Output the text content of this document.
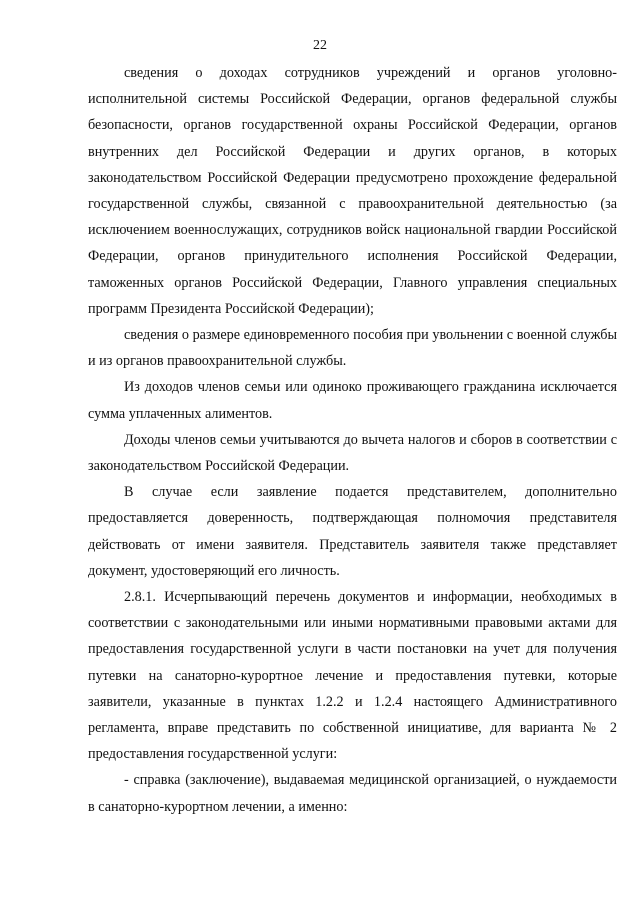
22

сведения о доходах сотрудников учреждений и органов уголовно-исполнительной системы Российской Федерации, органов федеральной службы безопасности, органов государственной охраны Российской Федерации, органов внутренних дел Российской Федерации и других органов, в которых законодательством Российской Федерации предусмотрено прохождение федеральной государственной службы, связанной с правоохранительной деятельностью (за исключением военнослужащих, сотрудников войск национальной гвардии Российской Федерации, органов принудительного исполнения Российской Федерации, таможенных органов Российской Федерации, Главного управления специальных программ Президента Российской Федерации);

сведения о размере единовременного пособия при увольнении с военной службы и из органов правоохранительной службы.

Из доходов членов семьи или одиноко проживающего гражданина исключается сумма уплаченных алиментов.

Доходы членов семьи учитываются до вычета налогов и сборов в соответствии с законодательством Российской Федерации.

В случае если заявление подается представителем, дополнительно предоставляется доверенность, подтверждающая полномочия представителя действовать от имени заявителя. Представитель заявителя также представляет документ, удостоверяющий его личность.

2.8.1. Исчерпывающий перечень документов и информации, необходимых в соответствии с законодательными или иными нормативными правовыми актами для предоставления государственной услуги в части постановки на учет для получения путевки на санаторно-курортное лечение и предоставления путевки, которые заявители, указанные в пунктах 1.2.2 и 1.2.4 настоящего Административного регламента, вправе представить по собственной инициативе, для варианта № 2 предоставления государственной услуги:

- справка (заключение), выдаваемая медицинской организацией, о нуждаемости в санаторно-курортном лечении, а именно:
